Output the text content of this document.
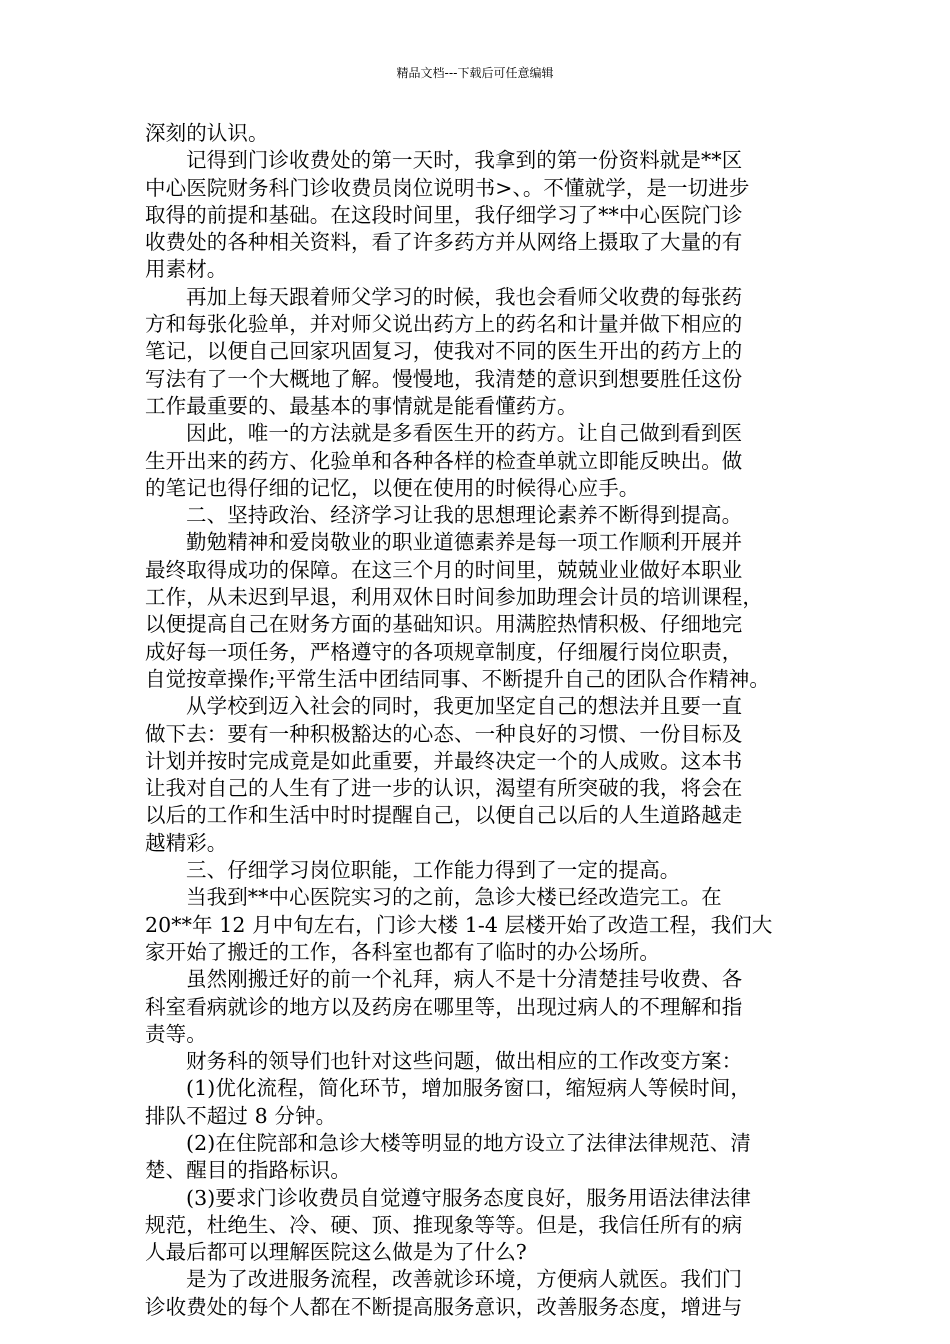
精品文档---下载后可任意编辑
深刻的认识。
记得到门诊收费处的第一天时，我拿到的第一份资料就是**区
中心医院财务科门诊收费员岗位说明书>、。不懂就学，是一切进步
取得的前提和基础。在这段时间里，我仔细学习了**中心医院门诊
收费处的各种相关资料，看了许多药方并从网络上摄取了大量的有
用素材。
再加上每天跟着师父学习的时候，我也会看师父收费的每张药
方和每张化验单，并对师父说出药方上的药名和计量并做下相应的
笔记，以便自己回家巩固复习，使我对不同的医生开出的药方上的
写法有了一个大概地了解。慢慢地，我清楚的意识到想要胜任这份
工作最重要的、最基本的事情就是能看懂药方。
因此，唯一的方法就是多看医生开的药方。让自己做到看到医
生开出来的药方、化验单和各种各样的检查单就立即能反映出。做
的笔记也得仔细的记忆，以便在使用的时候得心应手。
二、坚持政治、经济学习让我的思想理论素养不断得到提高。
勤勉精神和爱岗敬业的职业道德素养是每一项工作顺利开展并
最终取得成功的保障。在这三个月的时间里，兢兢业业做好本职业
工作，从未迟到早退，利用双休日时间参加助理会计员的培训课程，
以便提高自己在财务方面的基础知识。用满腔热情积极、仔细地完
成好每一项任务，严格遵守的各项规章制度，仔细履行岗位职责，
自觉按章操作;平常生活中团结同事、不断提升自己的团队合作精神。
从学校到迈入社会的同时，我更加坚定自己的想法并且要一直
做下去：要有一种积极豁达的心态、一种良好的习惯、一份目标及
计划并按时完成竟是如此重要，并最终决定一个的人成败。这本书
让我对自己的人生有了进一步的认识，渴望有所突破的我，将会在
以后的工作和生活中时时提醒自己，以便自己以后的人生道路越走
越精彩。
三、仔细学习岗位职能，工作能力得到了一定的提高。
当我到**中心医院实习的之前，急诊大楼已经改造完工。在
20**年 12 月中旬左右，门诊大楼 1-4 层楼开始了改造工程，我们大
家开始了搬迁的工作，各科室也都有了临时的办公场所。
虽然刚搬迁好的前一个礼拜，病人不是十分清楚挂号收费、各
科室看病就诊的地方以及药房在哪里等，出现过病人的不理解和指
责等。
财务科的领导们也针对这些问题，做出相应的工作改变方案：
(1)优化流程，简化环节，增加服务窗口，缩短病人等候时间，
排队不超过 8 分钟。
(2)在住院部和急诊大楼等明显的地方设立了法律法律规范、清
楚、醒目的指路标识。
(3)要求门诊收费员自觉遵守服务态度良好，服务用语法律法律
规范，杜绝生、冷、硬、顶、推现象等等。但是，我信任所有的病
人最后都可以理解医院这么做是为了什么?
是为了改进服务流程，改善就诊环境，方便病人就医。我们门
诊收费处的每个人都在不断提高服务意识，改善服务态度，增进与
